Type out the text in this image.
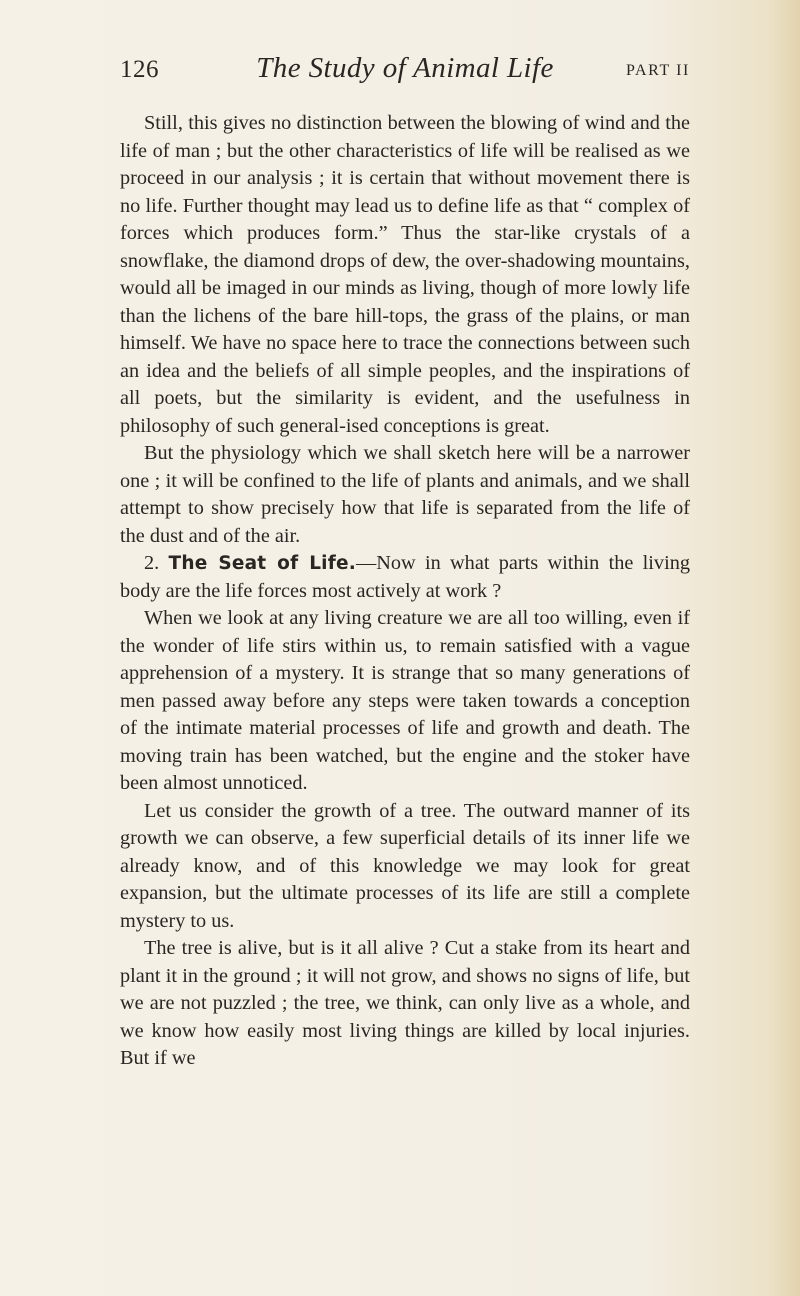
126	The Study of Animal Life	PART II

Still, this gives no distinction between the blowing of wind and the life of man ; but the other characteristics of life will be realised as we proceed in our analysis ; it is certain that without movement there is no life. Further thought may lead us to define life as that “ complex of forces which produces form.” Thus the star-like crystals of a snowflake, the diamond drops of dew, the over-shadowing mountains, would all be imaged in our minds as living, though of more lowly life than the lichens of the bare hill-tops, the grass of the plains, or man himself. We have no space here to trace the connections between such an idea and the beliefs of all simple peoples, and the inspirations of all poets, but the similarity is evident, and the usefulness in philosophy of such general-ised conceptions is great.

But the physiology which we shall sketch here will be a narrower one ; it will be confined to the life of plants and animals, and we shall attempt to show precisely how that life is separated from the life of the dust and of the air.

2. The Seat of Life.—Now in what parts within the living body are the life forces most actively at work ?

When we look at any living creature we are all too willing, even if the wonder of life stirs within us, to remain satisfied with a vague apprehension of a mystery. It is strange that so many generations of men passed away before any steps were taken towards a conception of the intimate material processes of life and growth and death. The moving train has been watched, but the engine and the stoker have been almost unnoticed.

Let us consider the growth of a tree. The outward manner of its growth we can observe, a few superficial details of its inner life we already know, and of this knowledge we may look for great expansion, but the ultimate processes of its life are still a complete mystery to us.

The tree is alive, but is it all alive ? Cut a stake from its heart and plant it in the ground ; it will not grow, and shows no signs of life, but we are not puzzled ; the tree, we think, can only live as a whole, and we know how easily most living things are killed by local injuries. But if we
